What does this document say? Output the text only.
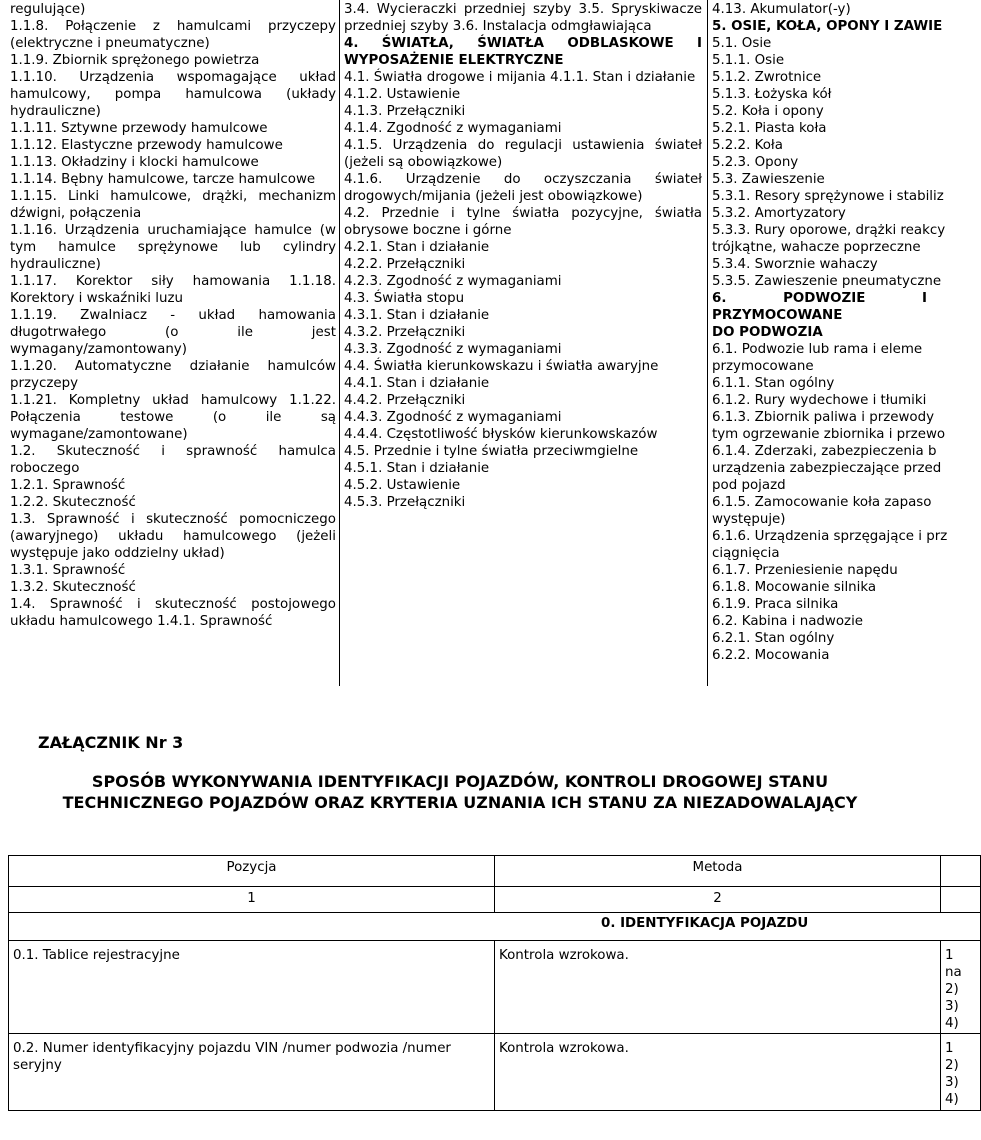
regulujące)

1.1.8. Połączenie z hamulcami przyczepy (elektryczne i pneumatyczne)

1.1.9. Zbiornik sprężonego powietrza

1.1.10. Urządzenia wspomagające układ hamulcowy, pompa hamulcowa (układy hydrauliczne)

1.1.11. Sztywne przewody hamulcowe

1.1.12. Elastyczne przewody hamulcowe

1.1.13. Okładziny i klocki hamulcowe

1.1.14. Bębny hamulcowe, tarcze hamulcowe

1.1.15. Linki hamulcowe, drążki, mechanizm dźwigni, połączenia

1.1.16. Urządzenia uruchamiające hamulce (w tym hamulce sprężynowe lub cylindry hydrauliczne)

1.1.17. Korektor siły hamowania 1.1.18. Korektory i wskaźniki luzu

1.1.19. Zwalniacz - układ hamowania długotrwałego (o ile jest wymagany/zamontowany)

1.1.20. Automatyczne działanie hamulców przyczepy

1.1.21. Kompletny układ hamulcowy 1.1.22. Połączenia testowe (o ile są wymagane/zamontowane)

1.2. Skuteczność i sprawność hamulca roboczego

1.2.1. Sprawność

1.2.2. Skuteczność

1.3. Sprawność i skuteczność pomocniczego (awaryjnego) układu hamulcowego (jeżeli występuje jako oddzielny układ)

1.3.1. Sprawność

1.3.2. Skuteczność

1.4. Sprawność i skuteczność postojowego układu hamulcowego 1.4.1. Sprawność

3.4. Wycieraczki przedniej szyby 3.5. Spryskiwacze przedniej szyby 3.6. Instalacja odmgławiająca

4. ŚWIATŁA, ŚWIATŁA ODBLASKOWE I WYPOSAŻENIE ELEKTRYCZNE

4.1. Światła drogowe i mijania 4.1.1. Stan i działanie

4.1.2. Ustawienie

4.1.3. Przełączniki

4.1.4. Zgodność z wymaganiami

4.1.5. Urządzenia do regulacji ustawienia świateł (jeżeli są obowiązkowe)

4.1.6. Urządzenie do oczyszczania świateł drogowych/mijania (jeżeli jest obowiązkowe)

4.2. Przednie i tylne światła pozycyjne, światła obrysowe boczne i górne

4.2.1. Stan i działanie

4.2.2. Przełączniki

4.2.3. Zgodność z wymaganiami

4.3. Światła stopu

4.3.1. Stan i działanie

4.3.2. Przełączniki

4.3.3. Zgodność z wymaganiami

4.4. Światła kierunkowskazu i światła awaryjne

4.4.1. Stan i działanie

4.4.2. Przełączniki

4.4.3. Zgodność z wymaganiami

4.4.4. Częstotliwość błysków kierunkowskazów

4.5. Przednie i tylne światła przeciwmgielne

4.5.1. Stan i działanie

4.5.2. Ustawienie

4.5.3. Przełączniki

4.13. Akumulator(-y)

5. OSIE, KOŁA, OPONY I ZAWIE

5.1. Osie

5.1.1. Osie

5.1.2. Zwrotnice

5.1.3. Łożyska kół

5.2. Koła i opony

5.2.1. Piasta koła

5.2.2. Koła

5.2.3. Opony

5.3. Zawieszenie

5.3.1. Resory sprężynowe i stabiliz

5.3.2. Amortyzatory

5.3.3. Rury oporowe, drążki reakcy

trójkątne, wahacze poprzeczne

5.3.4. Sworznie wahaczy

5.3.5. Zawieszenie pneumatyczne

6. PODWOZIE I

PRZYMOCOWANE

DO PODWOZIA

6.1. Podwozie lub rama i eleme

przymocowane

6.1.1. Stan ogólny

6.1.2. Rury wydechowe i tłumiki

6.1.3. Zbiornik paliwa i przewody

tym ogrzewanie zbiornika i przewo

6.1.4. Zderzaki, zabezpieczenia b

urządzenia zabezpieczające przed

pod pojazd

6.1.5. Zamocowanie koła zapaso

występuje)

6.1.6. Urządzenia sprzęgające i prz

ciągnięcia

6.1.7. Przeniesienie napędu

6.1.8. Mocowanie silnika

6.1.9. Praca silnika

6.2. Kabina i nadwozie

6.2.1. Stan ogólny

6.2.2. Mocowania

ZAŁĄCZNIK Nr 3

SPOSÓB WYKONYWANIA IDENTYFIKACJI POJAZDÓW, KONTROLI DROGOWEJ STANU TECHNICZNEGO POJAZDÓW ORAZ KRYTERIA UZNANIA ICH STANU ZA NIEZADOWALAJĄCY

Pozycja	Metoda	
1	2	
0. IDENTYFIKACJA POJAZDU		
0.1. Tablice rejestracyjne	Kontrola wzrokowa.	1
na
2)
3)
4)

0.2. Numer identyfikacyjny pojazdu VIN /numer podwozia /numer seryjny	Kontrola wzrokowa.	1
2)
3)
4)
